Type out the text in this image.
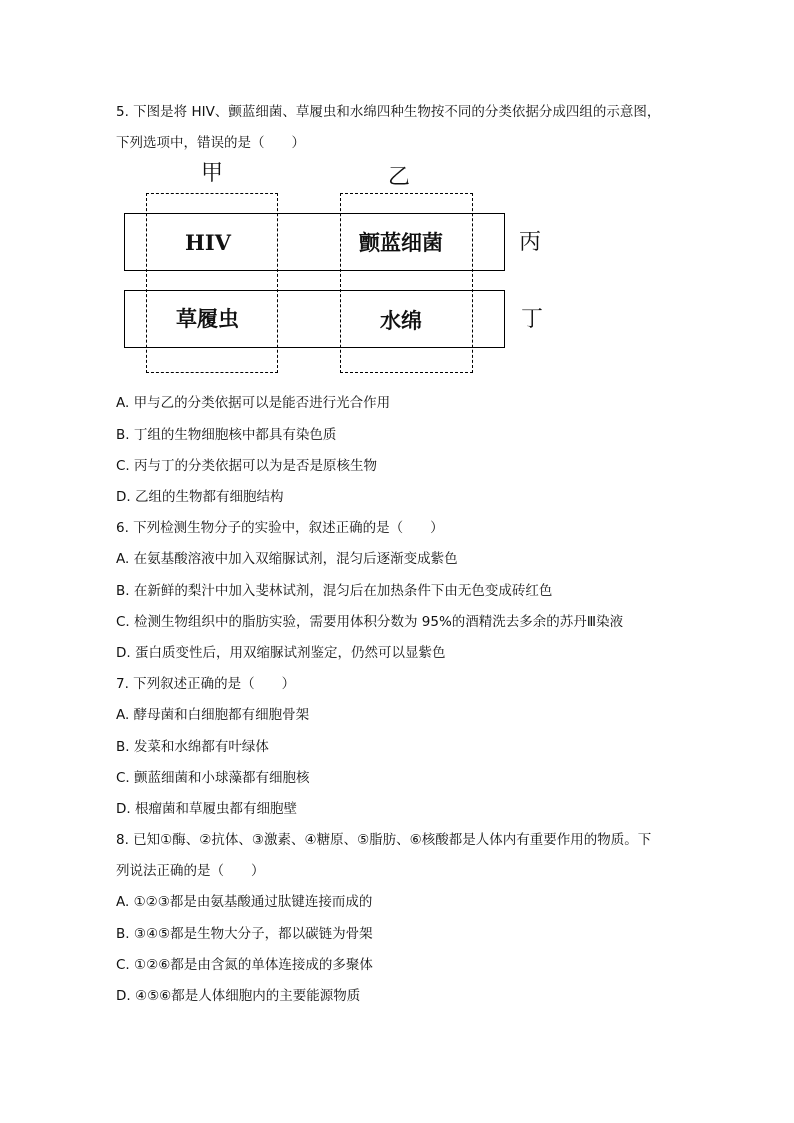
5. 下图是将 HIV、颤蓝细菌、草履虫和水绵四种生物按不同的分类依据分成四组的示意图，
下列选项中，错误的是（　　）
甲	乙
HIV	颤蓝细菌
草履虫	水绵
丙
丁
A. 甲与乙的分类依据可以是能否进行光合作用
B. 丁组的生物细胞核中都具有染色质
C. 丙与丁的分类依据可以为是否是原核生物
D. 乙组的生物都有细胞结构
6. 下列检测生物分子的实验中，叙述正确的是（　　）
A. 在氨基酸溶液中加入双缩脲试剂，混匀后逐渐变成紫色
B. 在新鲜的梨汁中加入斐林试剂，混匀后在加热条件下由无色变成砖红色
C. 检测生物组织中的脂肪实验，需要用体积分数为 95%的酒精洗去多余的苏丹Ⅲ染液
D. 蛋白质变性后，用双缩脲试剂鉴定，仍然可以显紫色
7. 下列叙述正确的是（　　）
A. 酵母菌和白细胞都有细胞骨架
B. 发菜和水绵都有叶绿体
C. 颤蓝细菌和小球藻都有细胞核
D. 根瘤菌和草履虫都有细胞壁
8. 已知①酶、②抗体、③激素、④糖原、⑤脂肪、⑥核酸都是人体内有重要作用的物质。下
列说法正确的是（　　）
A. ①②③都是由氨基酸通过肽键连接而成的
B. ③④⑤都是生物大分子，都以碳链为骨架
C. ①②⑥都是由含氮的单体连接成的多聚体
D. ④⑤⑥都是人体细胞内的主要能源物质
